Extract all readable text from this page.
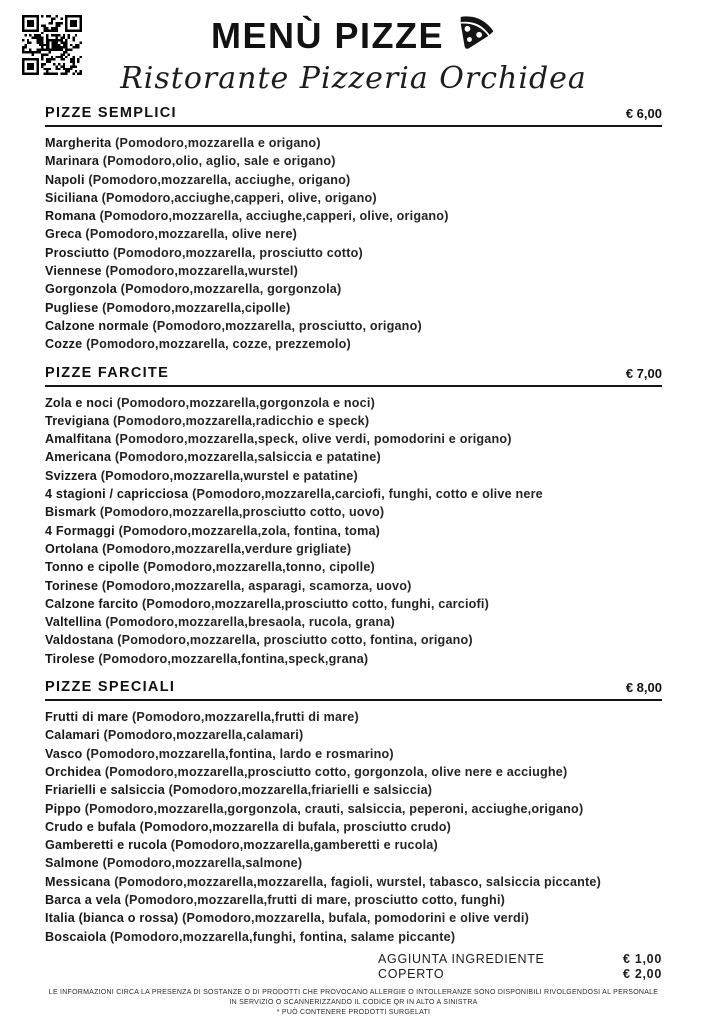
MENÙ PIZZE
Ristorante Pizzeria Orchidea
PIZZE SEMPLICI	€ 6,00
Margherita (Pomodoro,mozzarella e origano)
Marinara (Pomodoro,olio, aglio, sale e origano)
Napoli (Pomodoro,mozzarella, acciughe, origano)
Siciliana (Pomodoro,acciughe,capperi, olive, origano)
Romana (Pomodoro,mozzarella, acciughe,capperi, olive, origano)
Greca (Pomodoro,mozzarella, olive nere)
Prosciutto (Pomodoro,mozzarella, prosciutto cotto)
Viennese (Pomodoro,mozzarella,wurstel)
Gorgonzola (Pomodoro,mozzarella, gorgonzola)
Pugliese (Pomodoro,mozzarella,cipolle)
Calzone normale (Pomodoro,mozzarella, prosciutto, origano)
Cozze (Pomodoro,mozzarella, cozze, prezzemolo)
PIZZE FARCITE	€ 7,00
Zola e noci (Pomodoro,mozzarella,gorgonzola e noci)
Trevigiana (Pomodoro,mozzarella,radicchio e speck)
Amalfitana (Pomodoro,mozzarella,speck, olive verdi, pomodorini e origano)
Americana (Pomodoro,mozzarella,salsiccia e patatine)
Svizzera (Pomodoro,mozzarella,wurstel e patatine)
4 stagioni / capricciosa (Pomodoro,mozzarella,carciofi, funghi, cotto e olive nere
Bismark (Pomodoro,mozzarella,prosciutto cotto, uovo)
4 Formaggi (Pomodoro,mozzarella,zola, fontina, toma)
Ortolana (Pomodoro,mozzarella,verdure grigliate)
Tonno e cipolle (Pomodoro,mozzarella,tonno, cipolle)
Torinese (Pomodoro,mozzarella, asparagi, scamorza, uovo)
Calzone farcito (Pomodoro,mozzarella,prosciutto cotto, funghi, carciofi)
Valtellina (Pomodoro,mozzarella,bresaola, rucola, grana)
Valdostana (Pomodoro,mozzarella, prosciutto cotto, fontina, origano)
Tirolese (Pomodoro,mozzarella,fontina,speck,grana)
PIZZE SPECIALI	€ 8,00
Frutti di mare (Pomodoro,mozzarella,frutti di mare)
Calamari (Pomodoro,mozzarella,calamari)
Vasco (Pomodoro,mozzarella,fontina, lardo e rosmarino)
Orchidea (Pomodoro,mozzarella,prosciutto cotto, gorgonzola, olive nere e acciughe)
Friarielli e salsiccia (Pomodoro,mozzarella,friarielli e salsiccia)
Pippo (Pomodoro,mozzarella,gorgonzola, crauti, salsiccia, peperoni, acciughe,origano)
Crudo e bufala (Pomodoro,mozzarella di bufala, prosciutto crudo)
Gamberetti e rucola (Pomodoro,mozzarella,gamberetti e rucola)
Salmone (Pomodoro,mozzarella,salmone)
Messicana (Pomodoro,mozzarella,mozzarella, fagioli, wurstel, tabasco, salsiccia piccante)
Barca a vela (Pomodoro,mozzarella,frutti di mare, prosciutto cotto, funghi)
Italia (bianca o rossa) (Pomodoro,mozzarella, bufala, pomodorini e olive verdi)
Boscaiola (Pomodoro,mozzarella,funghi, fontina, salame piccante)
AGGIUNTA INGREDIENTE	€ 1,00
COPERTO	€ 2,00
LE INFORMAZIONI CIRCA LA PRESENZA DI SOSTANZE O DI PRODOTTI CHE PROVOCANO ALLERGIE O INTOLLERANZE SONO DISPONIBILI RIVOLGENDOSI AL PERSONALE IN SERVIZIO O SCANNERIZZANDO IL CODICE QR IN ALTO A SINISTRA
* PUÒ CONTENERE PRODOTTI SURGELATI
